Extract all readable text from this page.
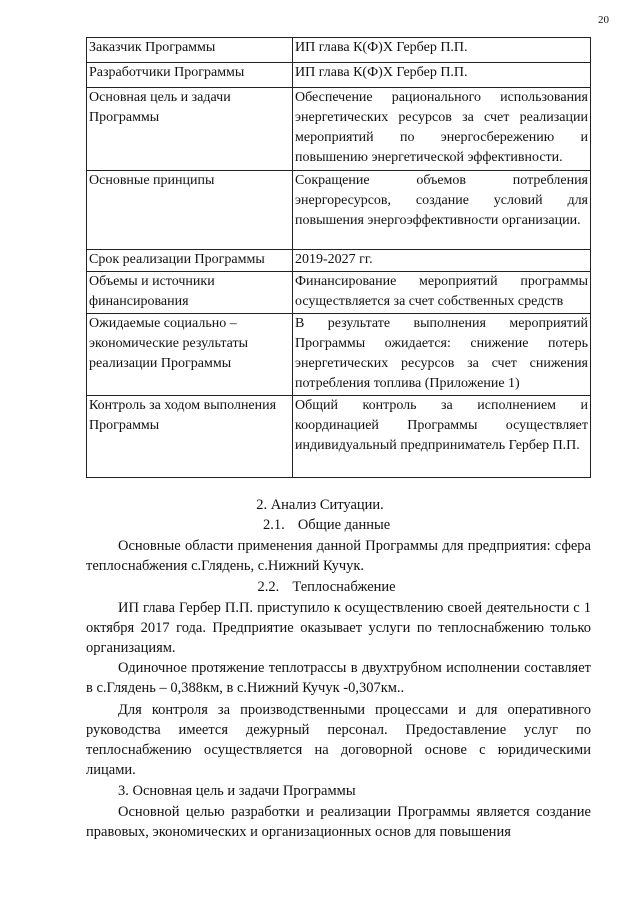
20
Заказчик Программы	ИП глава К(Ф)Х Гербер П.П.
Разработчики Программы	ИП глава К(Ф)Х Гербер П.П.
Основная цель и задачи Программы	Обеспечение рационального использования энергетических ресурсов за счет реализации мероприятий по энергосбережению и повышению энергетической эффективности.
Основные принципы	Сокращение объемов потребления энергоресурсов, создание условий для повышения энергоэффективности организации.
Срок реализации Программы	2019-2027 гг.
Объемы и источники финансирования	Финансирование мероприятий программы осуществляется за счет собственных средств
Ожидаемые социально – экономические результаты реализации Программы	В результате выполнения мероприятий Программы ожидается: снижение потерь энергетических ресурсов за счет снижения потребления топлива (Приложение 1)
Контроль за ходом выполнения Программы	Общий контроль за исполнением и координацией Программы осуществляет индивидуальный предприниматель Гербер П.П.
2. Анализ Ситуации.
2.1. Общие данные

Основные области применения данной Программы для предприятия: сфера теплоснабжения с.Глядень, с.Нижний Кучук.

2.2. Теплоснабжение

ИП глава Гербер П.П. приступило к осуществлению своей деятельности с 1 октября 2017 года. Предприятие оказывает услуги по теплоснабжению только организациям.

Одиночное протяжение теплотрассы в двухтрубном исполнении составляет в с.Глядень – 0,388км, в с.Нижний Кучук -0,307км..

Для контроля за производственными процессами и для оперативного руководства имеется дежурный персонал. Предоставление услуг по теплоснабжению осуществляется на договорной основе с юридическими лицами.

3. Основная цель и задачи Программы

Основной целью разработки и реализации Программы является создание правовых, экономических и организационных основ для повышения
